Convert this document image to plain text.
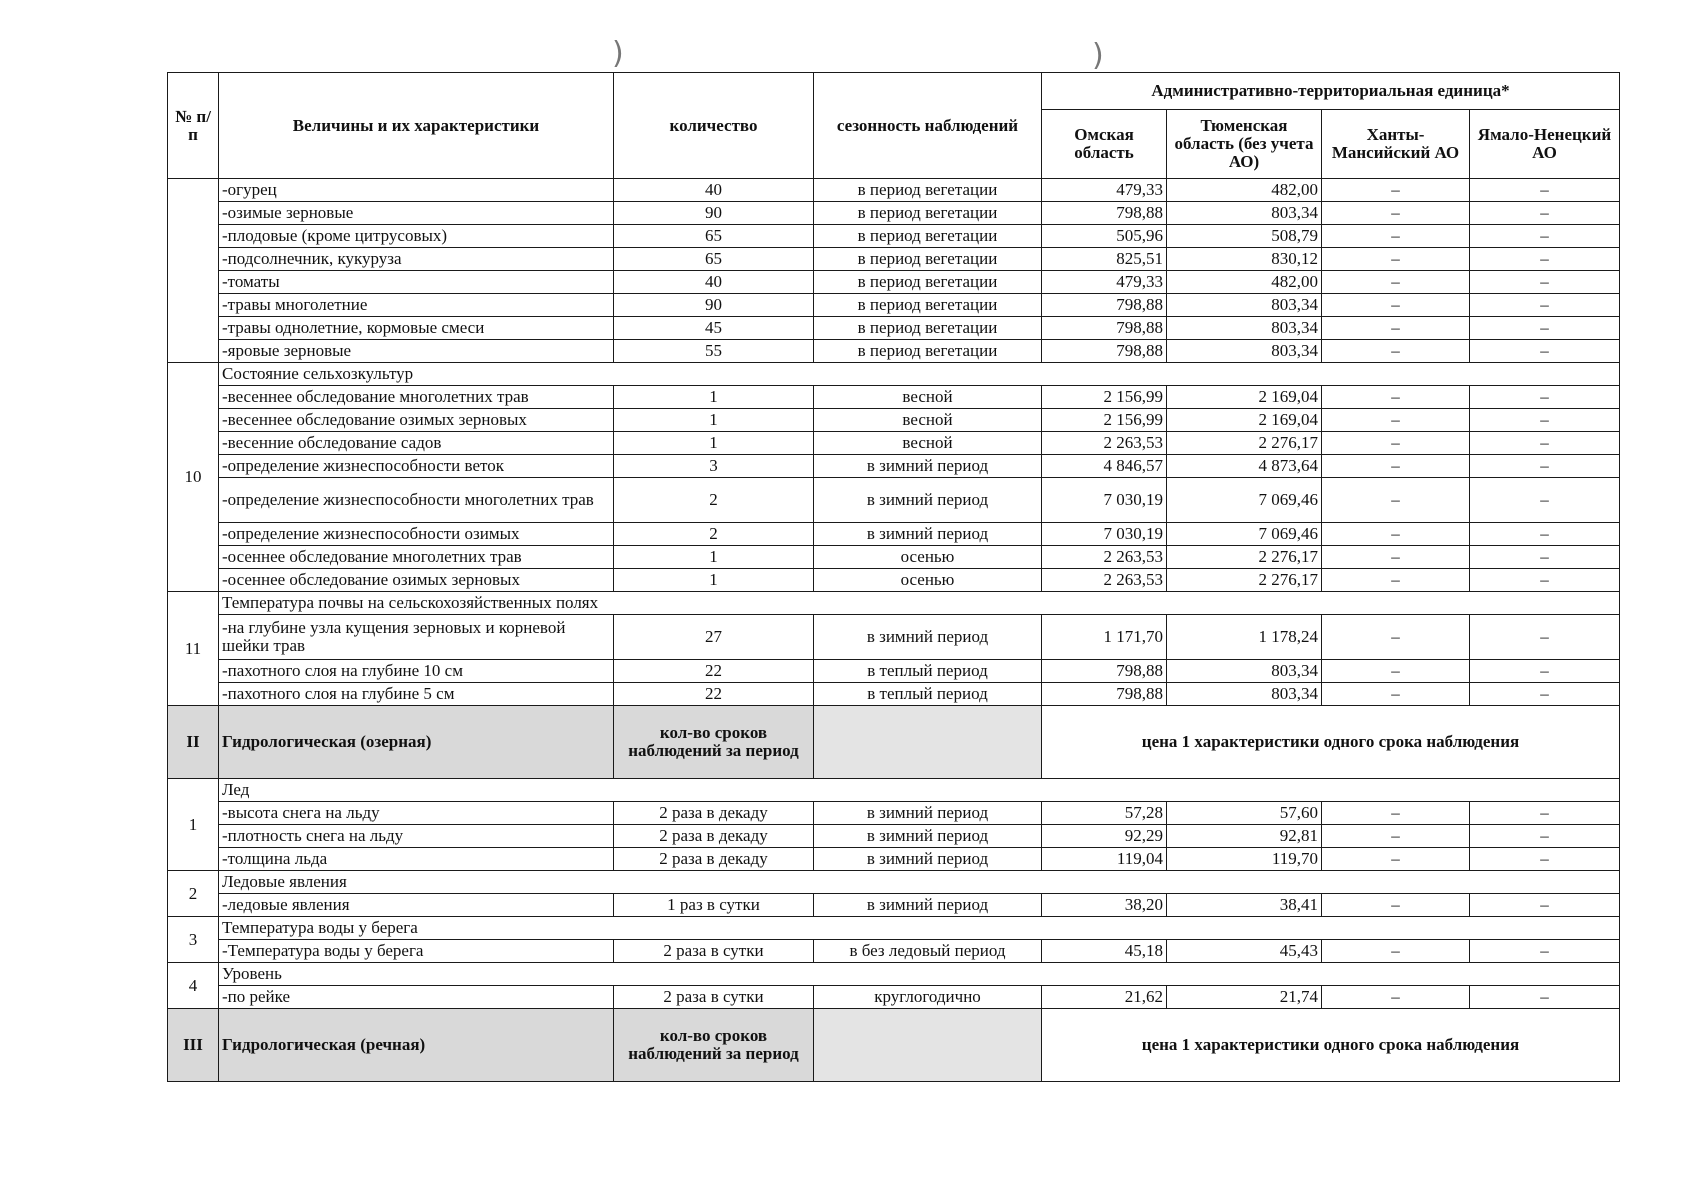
)	)
№ п/п	Величины и их характеристики	количество	сезонность наблюдений	Административно-территориальная единица*			
				Омская область	Тюменская область (без учета АО)	Ханты-Мансийский АО	Ямало-Ненецкий АО
	-огурец	40	в период вегетации	479,33	482,00	–	–
	-озимые зерновые	90	в период вегетации	798,88	803,34	–	–
	-плодовые (кроме цитрусовых)	65	в период вегетации	505,96	508,79	–	–
	-подсолнечник, кукуруза	65	в период вегетации	825,51	830,12	–	–
	-томаты	40	в период вегетации	479,33	482,00	–	–
	-травы многолетние	90	в период вегетации	798,88	803,34	–	–
	-травы однолетние, кормовые смеси	45	в период вегетации	798,88	803,34	–	–
	-яровые зерновые	55	в период вегетации	798,88	803,34	–	–
10	Состояние сельхозкультур						
	-весеннее обследование многолетних трав	1	весной	2 156,99	2 169,04	–	–
	-весеннее обследование озимых зерновых	1	весной	2 156,99	2 169,04	–	–
	-весенние обследование садов	1	весной	2 263,53	2 276,17	–	–
	-определение жизнеспособности веток	3	в зимний период	4 846,57	4 873,64	–	–
	-определение жизнеспособности многолетних трав	2	в зимний период	7 030,19	7 069,46	–	–
	-определение жизнеспособности озимых	2	в зимний период	7 030,19	7 069,46	–	–
	-осеннее обследование многолетних трав	1	осенью	2 263,53	2 276,17	–	–
	-осеннее обследование озимых зерновых	1	осенью	2 263,53	2 276,17	–	–
11	Температура почвы на сельскохозяйственных полях						
	-на глубине узла кущения зерновых и корневой шейки трав	27	в зимний период	1 171,70	1 178,24	–	–
	-пахотного слоя на глубине 10 см	22	в теплый период	798,88	803,34	–	–
	-пахотного слоя на глубине 5 см	22	в теплый период	798,88	803,34	–	–
II	Гидрологическая (озерная)	кол-во сроков наблюдений за период		цена 1 характеристики одного срока наблюдения			
1	Лед						
	-высота снега на льду	2 раза в декаду	в зимний период	57,28	57,60	–	–
	-плотность снега на льду	2 раза в декаду	в зимний период	92,29	92,81	–	–
	-толщина льда	2 раза в декаду	в зимний период	119,04	119,70	–	–
2	Ледовые явления						
	-ледовые явления	1 раз в сутки	в зимний период	38,20	38,41	–	–
3	Температура воды у берега						
	-Температура воды у берега	2 раза в сутки	в без ледовый период	45,18	45,43	–	–
4	Уровень						
	-по рейке	2 раза в сутки	круглогодично	21,62	21,74	–	–
III	Гидрологическая (речная)	кол-во сроков наблюдений за период		цена 1 характеристики одного срока наблюдения			
